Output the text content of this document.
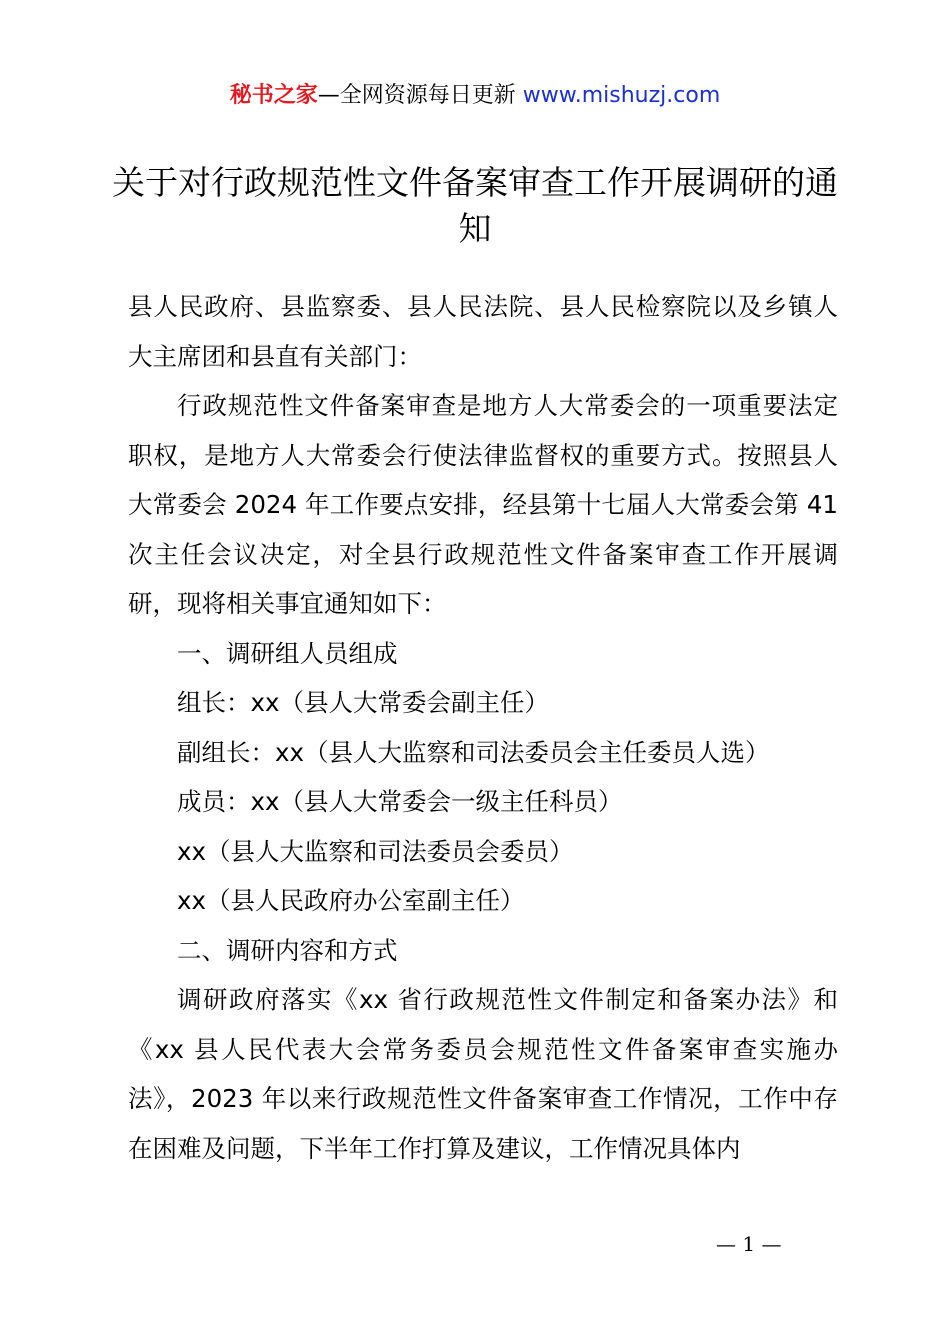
秘书之家—全网资源每日更新 www.mishuzj.com
关于对行政规范性文件备案审查工作开展调研的通知

县人民政府、县监察委、县人民法院、县人民检察院以及乡镇人大主席团和县直有关部门：

行政规范性文件备案审查是地方人大常委会的一项重要法定职权，是地方人大常委会行使法律监督权的重要方式。按照县人大常委会 2024 年工作要点安排，经县第十七届人大常委会第 41 次主任会议决定，对全县行政规范性文件备案审查工作开展调研，现将相关事宜通知如下：

一、调研组人员组成

组长：xx（县人大常委会副主任）

副组长：xx（县人大监察和司法委员会主任委员人选）

成员：xx（县人大常委会一级主任科员）

xx（县人大监察和司法委员会委员）

xx（县人民政府办公室副主任）

二、调研内容和方式

调研政府落实《xx 省行政规范性文件制定和备案办法》和《xx 县人民代表大会常务委员会规范性文件备案审查实施办法》，2023 年以来行政规范性文件备案审查工作情况，工作中存在困难及问题，下半年工作打算及建议，工作情况具体内

— 1 —
